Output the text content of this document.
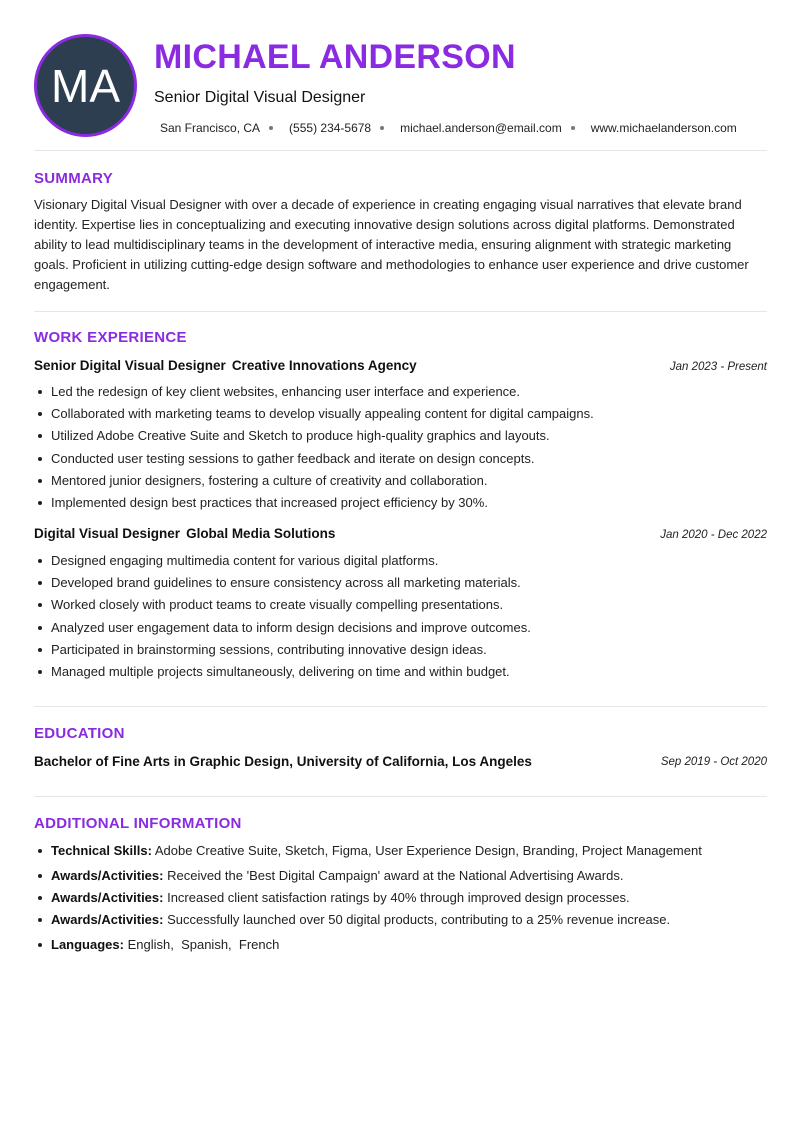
MA
MICHAEL ANDERSON
Senior Digital Visual Designer
San Francisco, CA (555) 234-5678 michael.anderson@email.com www.michaelanderson.com
SUMMARY
Visionary Digital Visual Designer with over a decade of experience in creating engaging visual narratives that elevate brand identity. Expertise lies in conceptualizing and executing innovative design solutions across digital platforms. Demonstrated ability to lead multidisciplinary teams in the development of interactive media, ensuring alignment with strategic marketing goals. Proficient in utilizing cutting-edge design software and methodologies to enhance user experience and drive customer engagement.
WORK EXPERIENCE
Senior Digital Visual Designer Creative Innovations Agency	Jan 2023 - Present
Led the redesign of key client websites, enhancing user interface and experience.
Collaborated with marketing teams to develop visually appealing content for digital campaigns.
Utilized Adobe Creative Suite and Sketch to produce high-quality graphics and layouts.
Conducted user testing sessions to gather feedback and iterate on design concepts.
Mentored junior designers, fostering a culture of creativity and collaboration.
Implemented design best practices that increased project efficiency by 30%.
Digital Visual Designer Global Media Solutions	Jan 2020 - Dec 2022
Designed engaging multimedia content for various digital platforms.
Developed brand guidelines to ensure consistency across all marketing materials.
Worked closely with product teams to create visually compelling presentations.
Analyzed user engagement data to inform design decisions and improve outcomes.
Participated in brainstorming sessions, contributing innovative design ideas.
Managed multiple projects simultaneously, delivering on time and within budget.
EDUCATION
Bachelor of Fine Arts in Graphic Design, University of California, Los Angeles	Sep 2019 - Oct 2020
ADDITIONAL INFORMATION
Technical Skills: Adobe Creative Suite, Sketch, Figma, User Experience Design, Branding, Project Management
Awards/Activities: Received the 'Best Digital Campaign' award at the National Advertising Awards.
Awards/Activities: Increased client satisfaction ratings by 40% through improved design processes.
Awards/Activities: Successfully launched over 50 digital products, contributing to a 25% revenue increase.
Languages: English,  Spanish,  French
